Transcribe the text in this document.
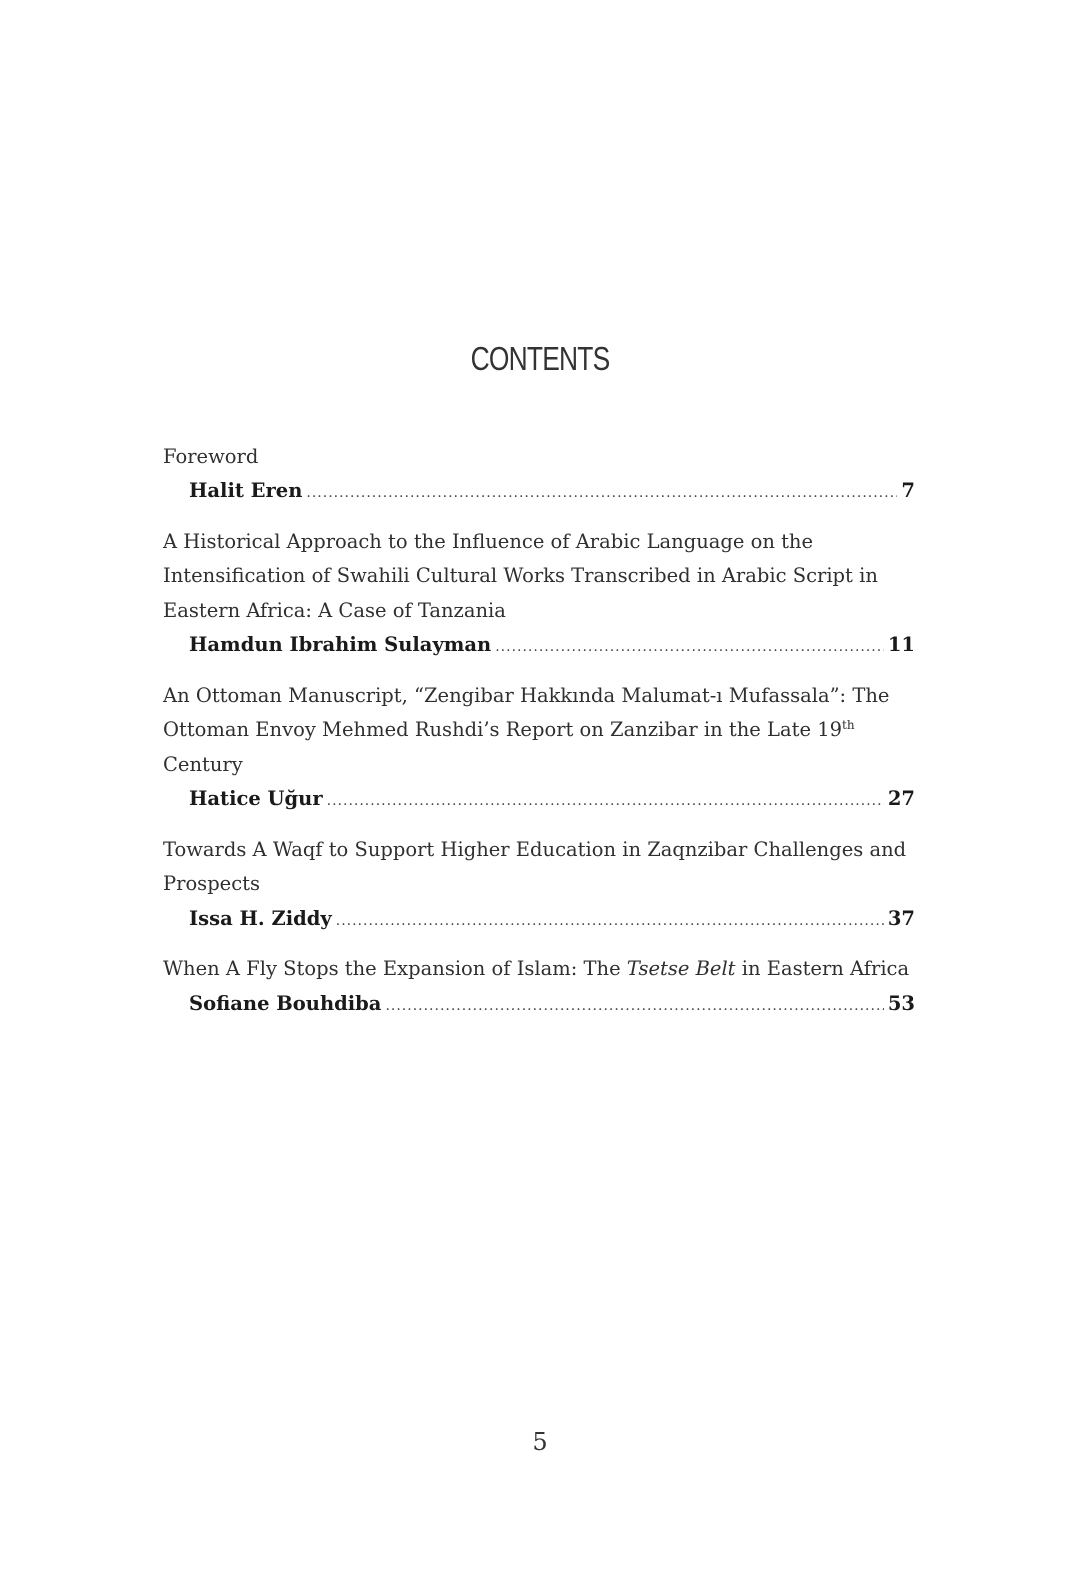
CONTENTS
Foreword
Halit Eren .....	7
A Historical Approach to the Influence of Arabic Language on the Intensification of Swahili Cultural Works Transcribed in Arabic Script in Eastern Africa: A Case of Tanzania
Hamdun Ibrahim Sulayman .....	11
An Ottoman Manuscript, “Zengibar Hakkında Malumat-ı Mufassala”: The Ottoman Envoy Mehmed Rushdi’s Report on Zanzibar in the Late 19th Century
Hatice Uğur .....	27
Towards A Waqf to Support Higher Education in Zaqnzibar Challenges and Prospects
Issa H. Ziddy .....	37
When A Fly Stops the Expansion of Islam: The Tsetse Belt in Eastern Africa
Sofiane Bouhdiba .....	53
5
